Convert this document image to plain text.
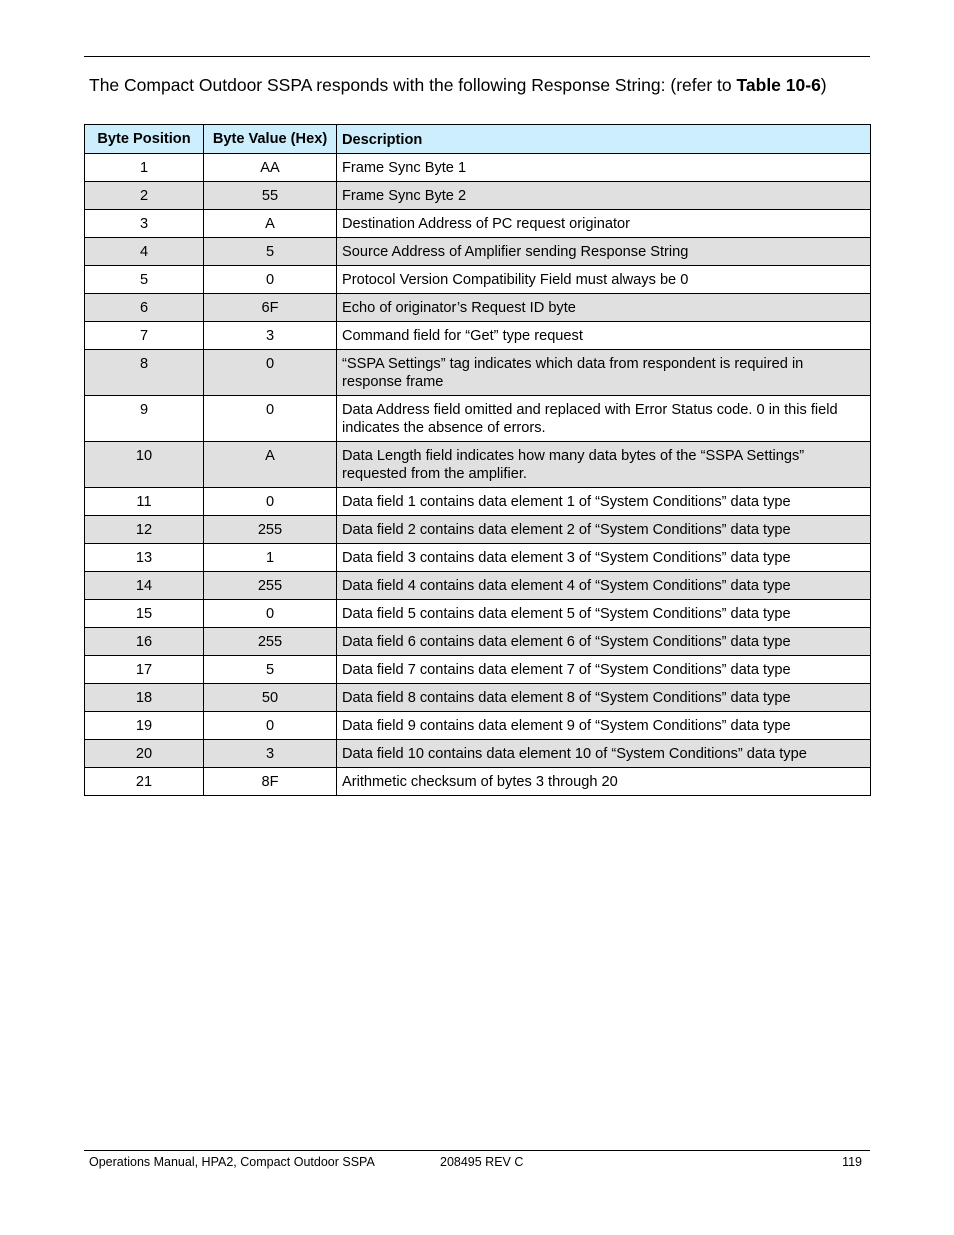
The Compact Outdoor SSPA responds with the following Response String: (refer to Table 10-6)

Byte Position	Byte Value (Hex)	Description
1	AA	Frame Sync Byte 1
2	55	Frame Sync Byte 2
3	A	Destination Address of PC request originator
4	5	Source Address of Amplifier sending Response String
5	0	Protocol Version Compatibility Field must always be 0
6	6F	Echo of originator’s Request ID byte
7	3	Command field for “Get” type request
8	0	“SSPA Settings” tag indicates which data from respondent is required in response frame
9	0	Data Address field omitted and replaced with Error Status code. 0 in this field indicates the absence of errors.
10	A	Data Length field indicates how many data bytes of the “SSPA Settings” requested from the amplifier.
11	0	Data field 1 contains data element 1 of “System Conditions” data type
12	255	Data field 2 contains data element 2 of “System Conditions” data type
13	1	Data field 3 contains data element 3 of “System Conditions” data type
14	255	Data field 4 contains data element 4 of “System Conditions” data type
15	0	Data field 5 contains data element 5 of “System Conditions” data type
16	255	Data field 6 contains data element 6 of “System Conditions” data type
17	5	Data field 7 contains data element 7 of “System Conditions” data type
18	50	Data field 8 contains data element 8 of “System Conditions” data type
19	0	Data field 9 contains data element 9 of “System Conditions” data type
20	3	Data field 10 contains data element 10 of “System Conditions” data type
21	8F	Arithmetic checksum of bytes 3 through 20
Operations Manual, HPA2, Compact Outdoor SSPA	208495 REV C	119
